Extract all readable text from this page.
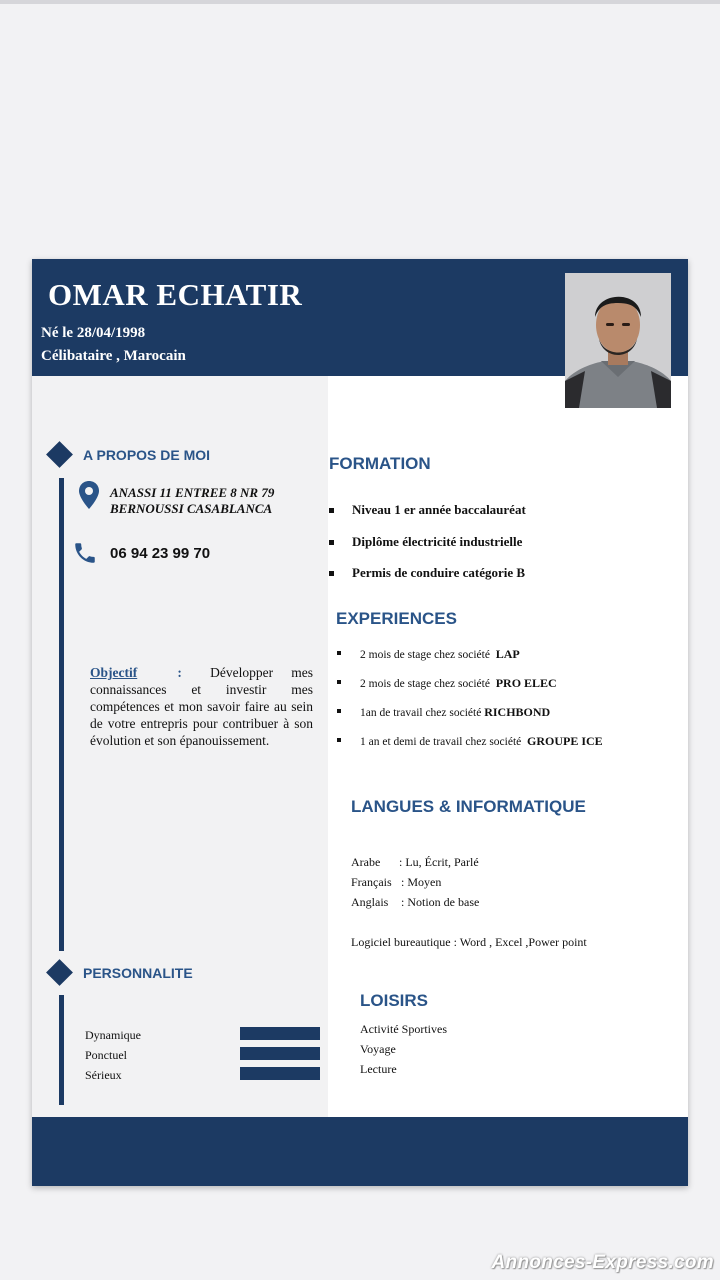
OMAR ECHATIR
Né le 28/04/1998
Célibataire , Marocain
A PROPOS DE MOI
ANASSI 11 ENTREE 8 NR 79
BERNOUSSI CASABLANCA
06 94 23 99 70
Objectif	: Développer mes connaissances et investir mes compétences et mon savoir faire au sein de votre entrepris pour contribuer à son évolution et son épanouissement.
PERSONNALITE
Dynamique
Ponctuel
Sérieux
FORMATION
Niveau 1 er année baccalauréat
Diplôme électricité industrielle
Permis de conduire catégorie B
EXPERIENCES
2 mois de stage chez société LAP
2 mois de stage chez société PRO ELEC
1an de travail chez société RICHBOND
1 an et demi de travail chez société GROUPE ICE
LANGUES & INFORMATIQUE
Arabe : Lu, Écrit, Parlé
Français : Moyen
Anglais : Notion de base
Logiciel bureautique : Word , Excel ,Power point
LOISIRS
Activité Sportives
Voyage
Lecture
Annonces-Express.com
